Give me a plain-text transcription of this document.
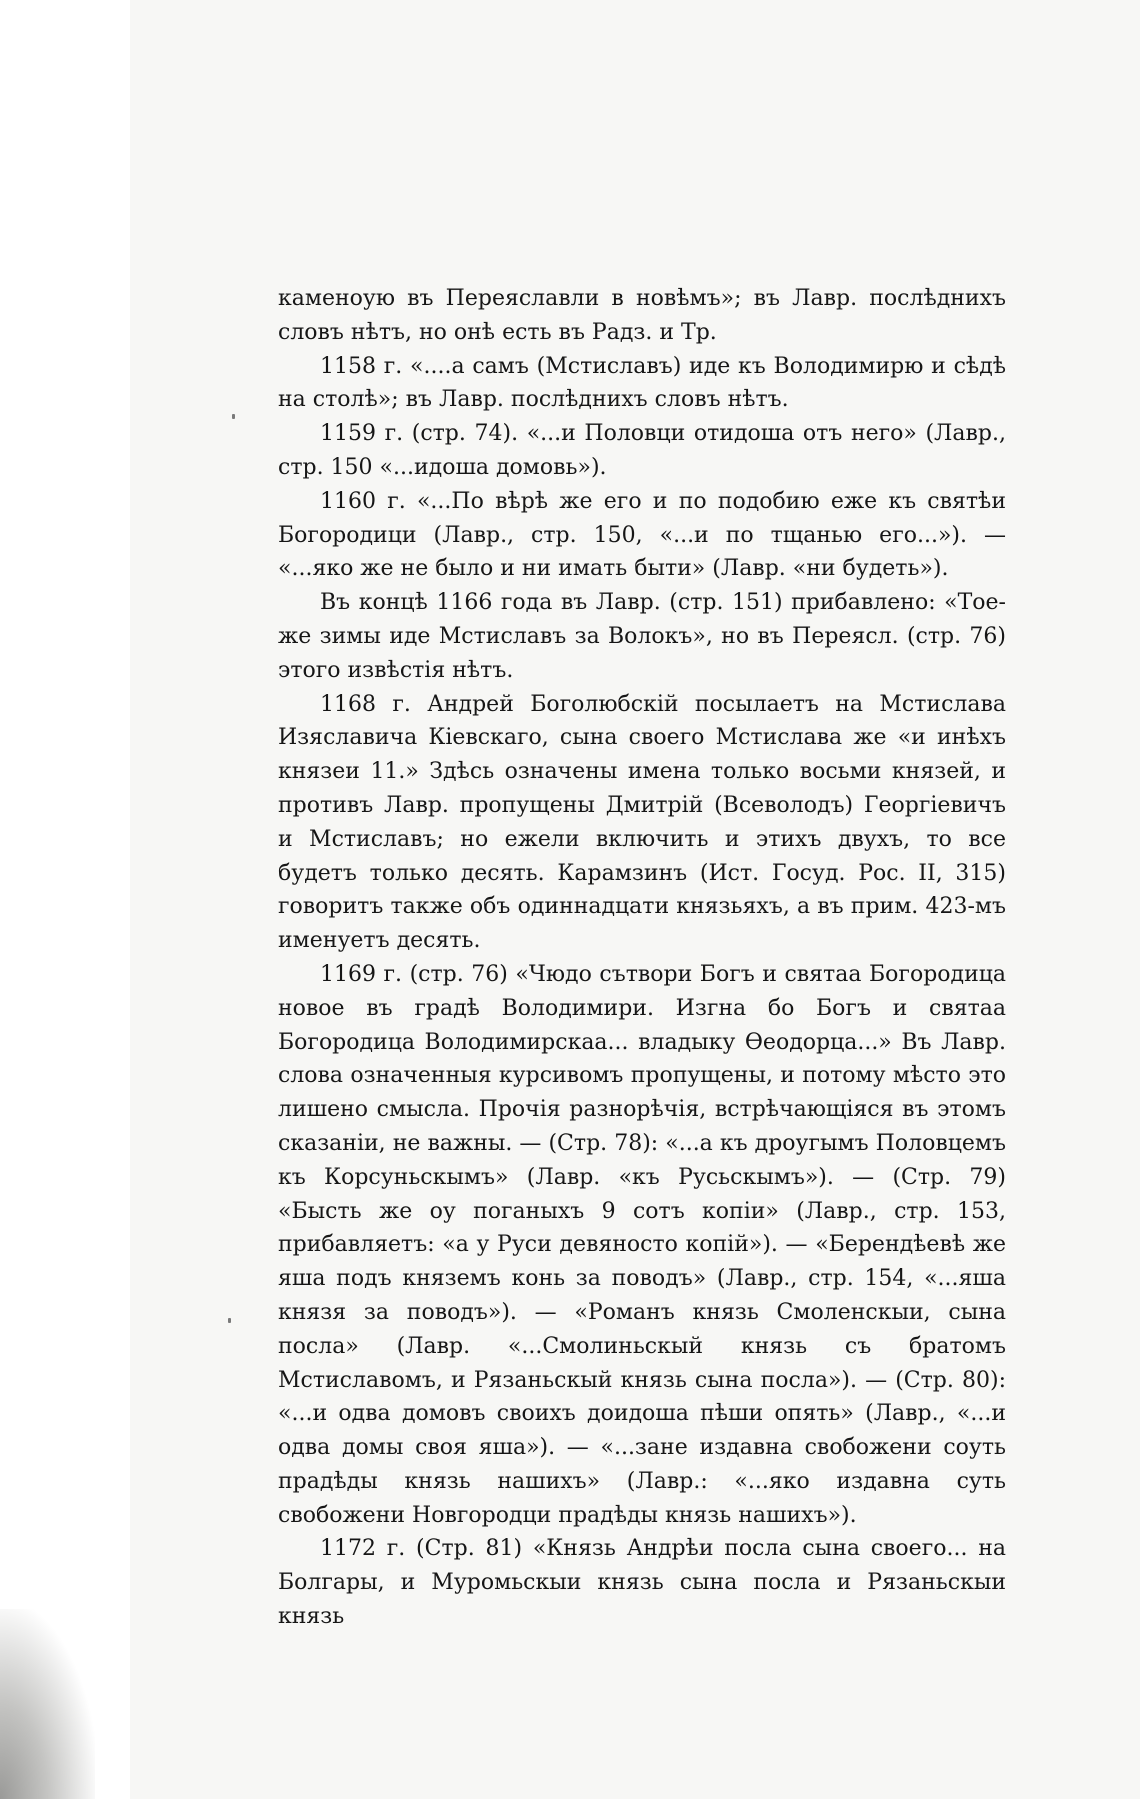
каменоую въ Переяславли в новѣмъ»; въ Лавр. послѣднихъ словъ нѣтъ, но онѣ есть въ Радз. и Тр.

1158 г. «....а самъ (Мстиславъ) иде къ Володимирю и сѣдѣ на столѣ»; въ Лавр. послѣднихъ словъ нѣтъ.

1159 г. (стр. 74). «...и Половци отидоша отъ него» (Лавр., стр. 150 «...идоша домовь»).

1160 г. «...По вѣрѣ же его и по подобию еже къ святѣи Богородици (Лавр., стр. 150, «...и по тщанью его...»). — «...яко же не было и ни имать быти» (Лавр. «ни будеть»).

Въ концѣ 1166 года въ Лавр. (стр. 151) прибавлено: «Тое-же зимы иде Мстиславъ за Волокъ», но въ Переясл. (стр. 76) этого извѣстія нѣтъ.

1168 г. Андрей Боголюбскій посылаетъ на Мстислава Изяславича Кіевскаго, сына своего Мстислава же «и инѣхъ князеи 11.» Здѣсь означены имена только восьми князей, и противъ Лавр. пропущены Дмитрій (Всеволодъ) Георгіевичъ и Мстиславъ; но ежели включить и этихъ двухъ, то все будетъ только десять. Карамзинъ (Ист. Госуд. Рос. II, 315) говоритъ также объ одиннадцати князьяхъ, а въ прим. 423-мъ именуетъ десять.

1169 г. (стр. 76) «Чюдо сътвори Богъ и святаа Богородица новое въ градѣ Володимири. Изгна бо Богъ и святаа Богородица Володимирскаа... владыку Ѳеодорца...» Въ Лавр. слова означенныя курсивомъ пропущены, и потому мѣсто это лишено смысла. Прочія разнорѣчія, встрѣчающіяся въ этомъ сказаніи, не важны. — (Стр. 78): «...а къ дроугымъ Половцемъ къ Корсуньскымъ» (Лавр. «къ Русьскымъ»). — (Стр. 79) «Бысть же оу поганыхъ 9 сотъ копіи» (Лавр., стр. 153, прибавляетъ: «а у Руси девяносто копій»). — «Берендѣевѣ же яша подъ княземъ конь за поводъ» (Лавр., стр. 154, «...яша князя за поводъ»). — «Романъ князь Смоленскыи, сына посла» (Лавр. «...Смолиньскый князь съ братомъ Мстиславомъ, и Рязаньскый князь сына посла»). — (Стр. 80): «...и одва домовъ своихъ доидоша пѣши опять» (Лавр., «...и одва домы своя яша»). — «...зане издавна свобожени соуть прадѣды князь нашихъ» (Лавр.: «...яко издавна суть свобожени Новгородци прадѣды князь нашихъ»).

1172 г. (Стр. 81) «Князь Андрѣи посла сына своего... на Болгары, и Муромьскыи князь сына посла и Рязаньскыи князь
